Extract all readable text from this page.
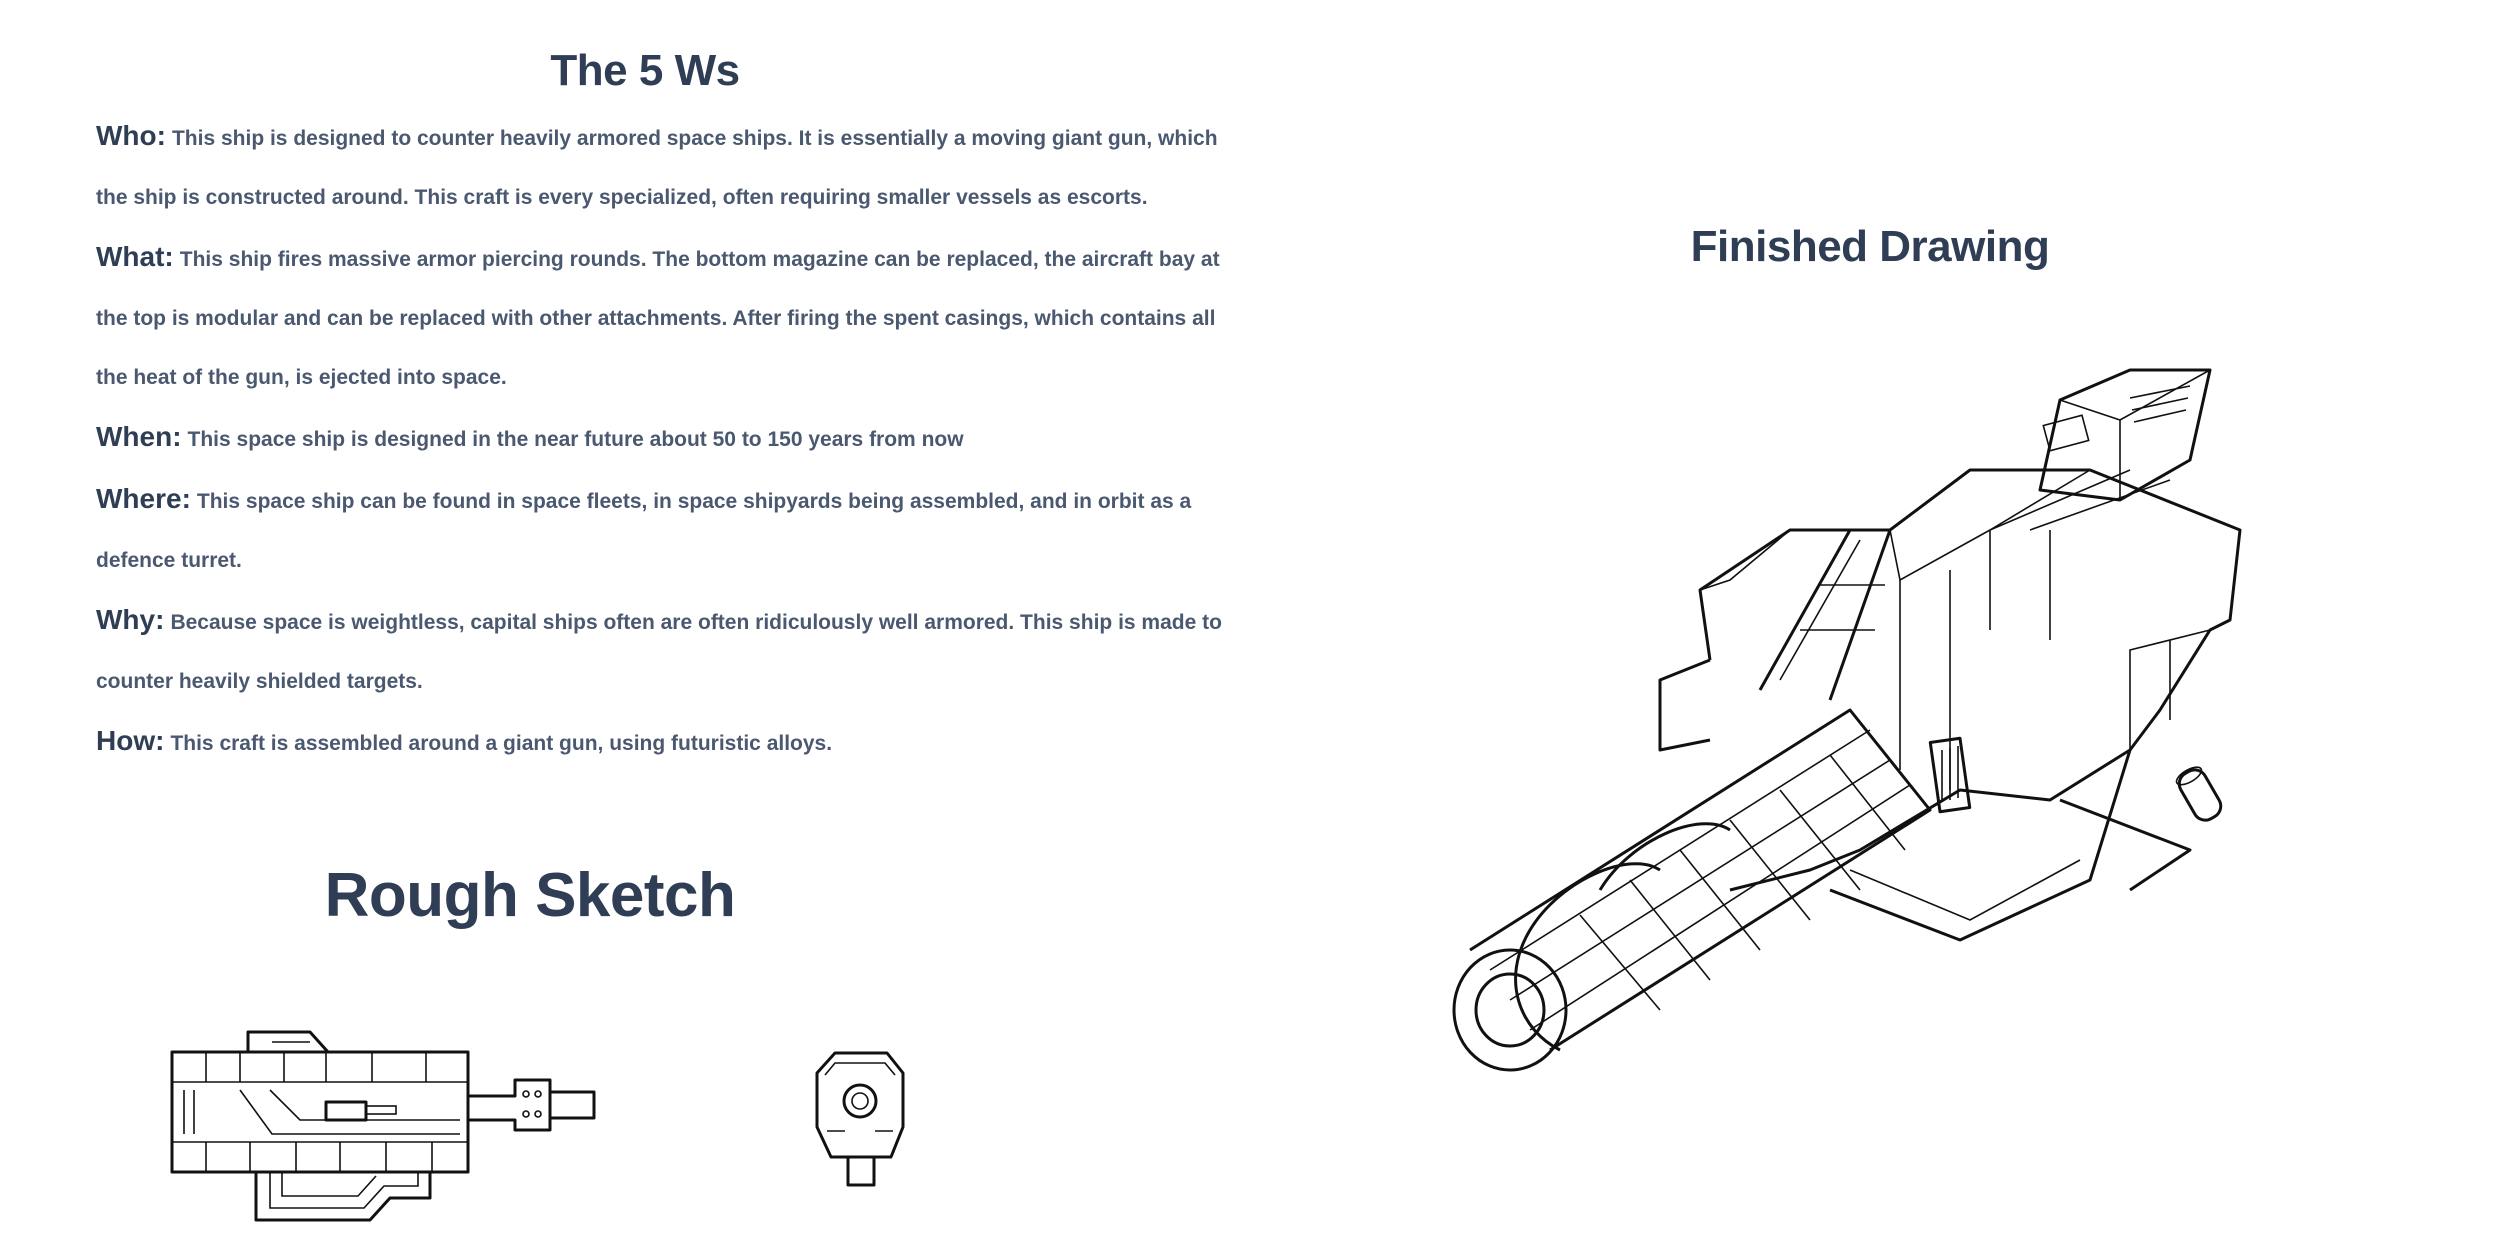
The 5 Ws
Who: This ship is designed to counter heavily armored space ships. It is essentially a moving giant gun, which the ship is constructed around. This craft is every specialized, often requiring smaller vessels as escorts.
What: This ship fires massive armor piercing rounds. The bottom magazine can be replaced, the aircraft bay at the top is modular and can be replaced with other attachments. After firing the spent casings, which contains all the heat of the gun, is ejected into space.
When: This space ship is designed in the near future about 50 to 150 years from now
Where: This space ship can be found in space fleets, in space shipyards being assembled, and in orbit as a defence turret.
Why: Because space is weightless, capital ships often are often ridiculously well armored. This ship is made to counter heavily shielded targets.
How: This craft is assembled around a giant gun, using futuristic alloys.
Rough Sketch
Finished Drawing
